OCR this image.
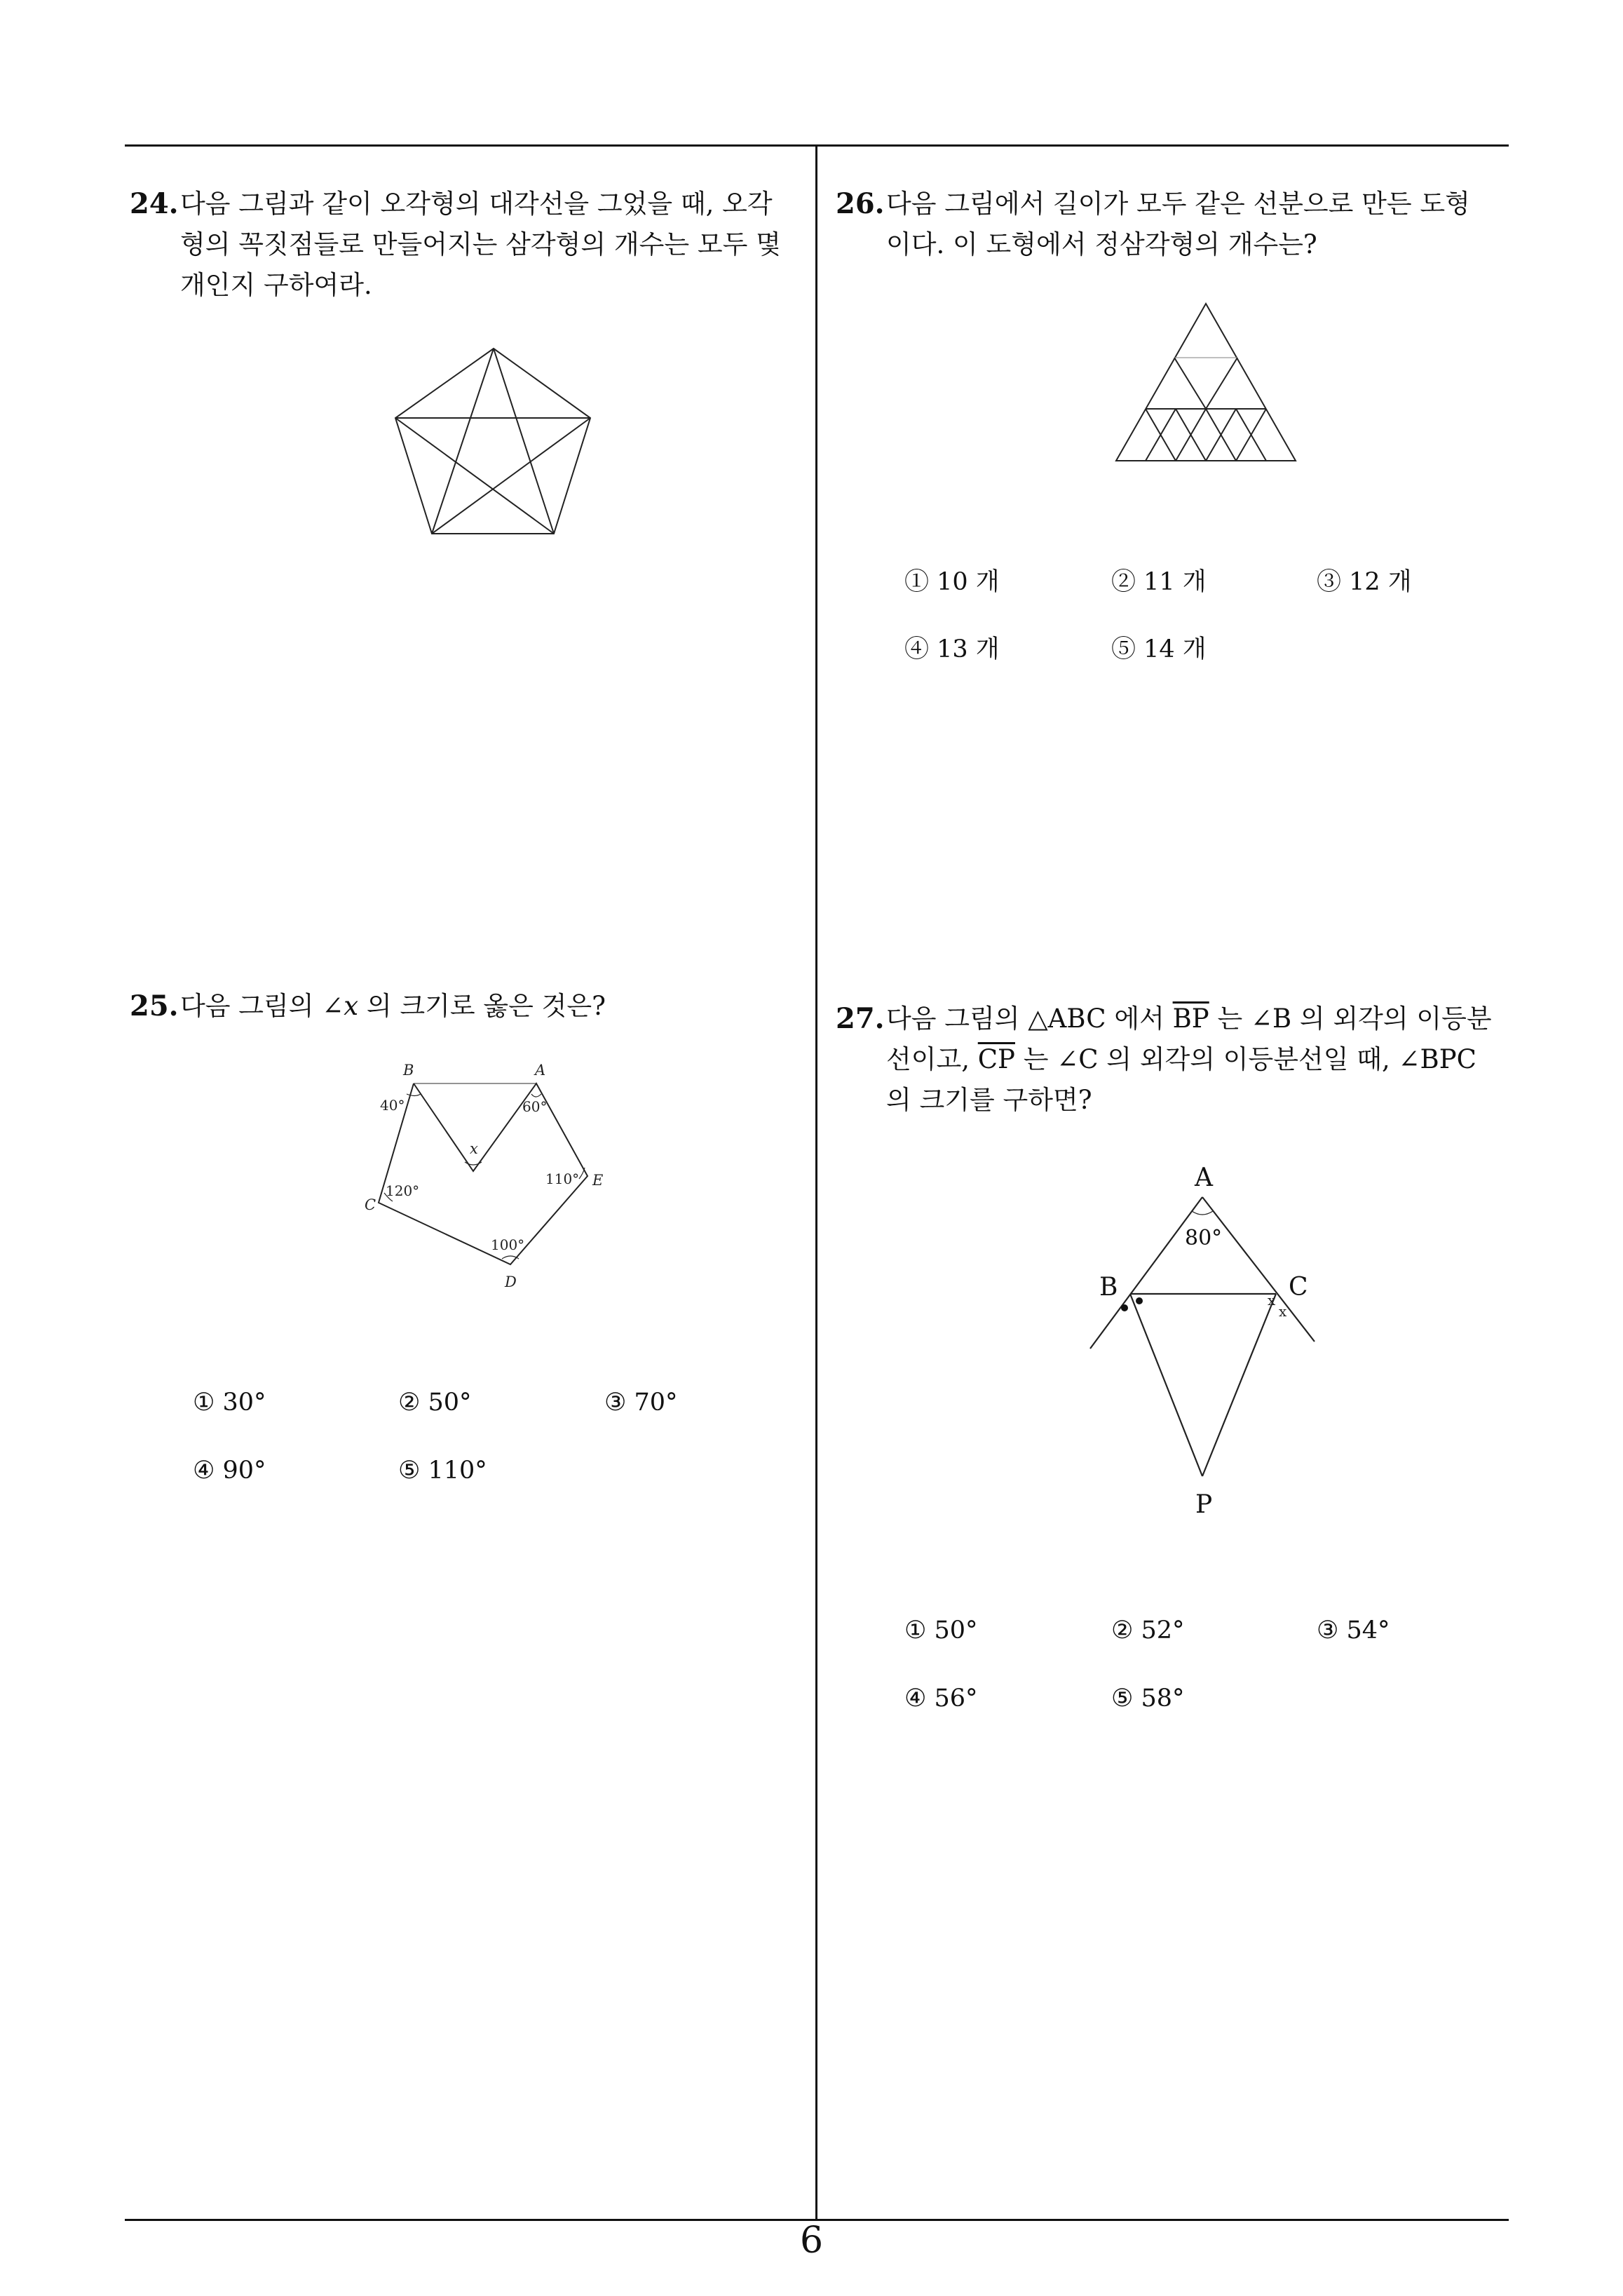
24. 다음 그림과 같이 오각형의 대각선을 그었을 때, 오각
형의 꼭짓점들로 만들어지는 삼각형의 개수는 모두 몇
개인지 구하여라.
25. 다음 그림의 ∠x 의 크기로 옳은 것은?
B	A
C
E
D
x
40°	60°
120°
110°
100°
① 30°	② 50°	③ 70°
④ 90°	⑤ 110°
26. 다음 그림에서 길이가 모두 같은 선분으로 만든 도형
이다. 이 도형에서 정삼각형의 개수는?
① 10 개	② 11 개	③ 12 개
④ 13 개	⑤ 14 개
27. 다음 그림의 △ABC 에서 $\overline{BP}$ 는 ∠B 의 외각의 이등분
선이고, $\overline{CP}$ 는 ∠C 의 외각의 이등분선일 때, ∠BPC
의 크기를 구하면?
x
x
A
B	C
P
80°
① 50°	② 52°	③ 54°
④ 56°	⑤ 58°
6
